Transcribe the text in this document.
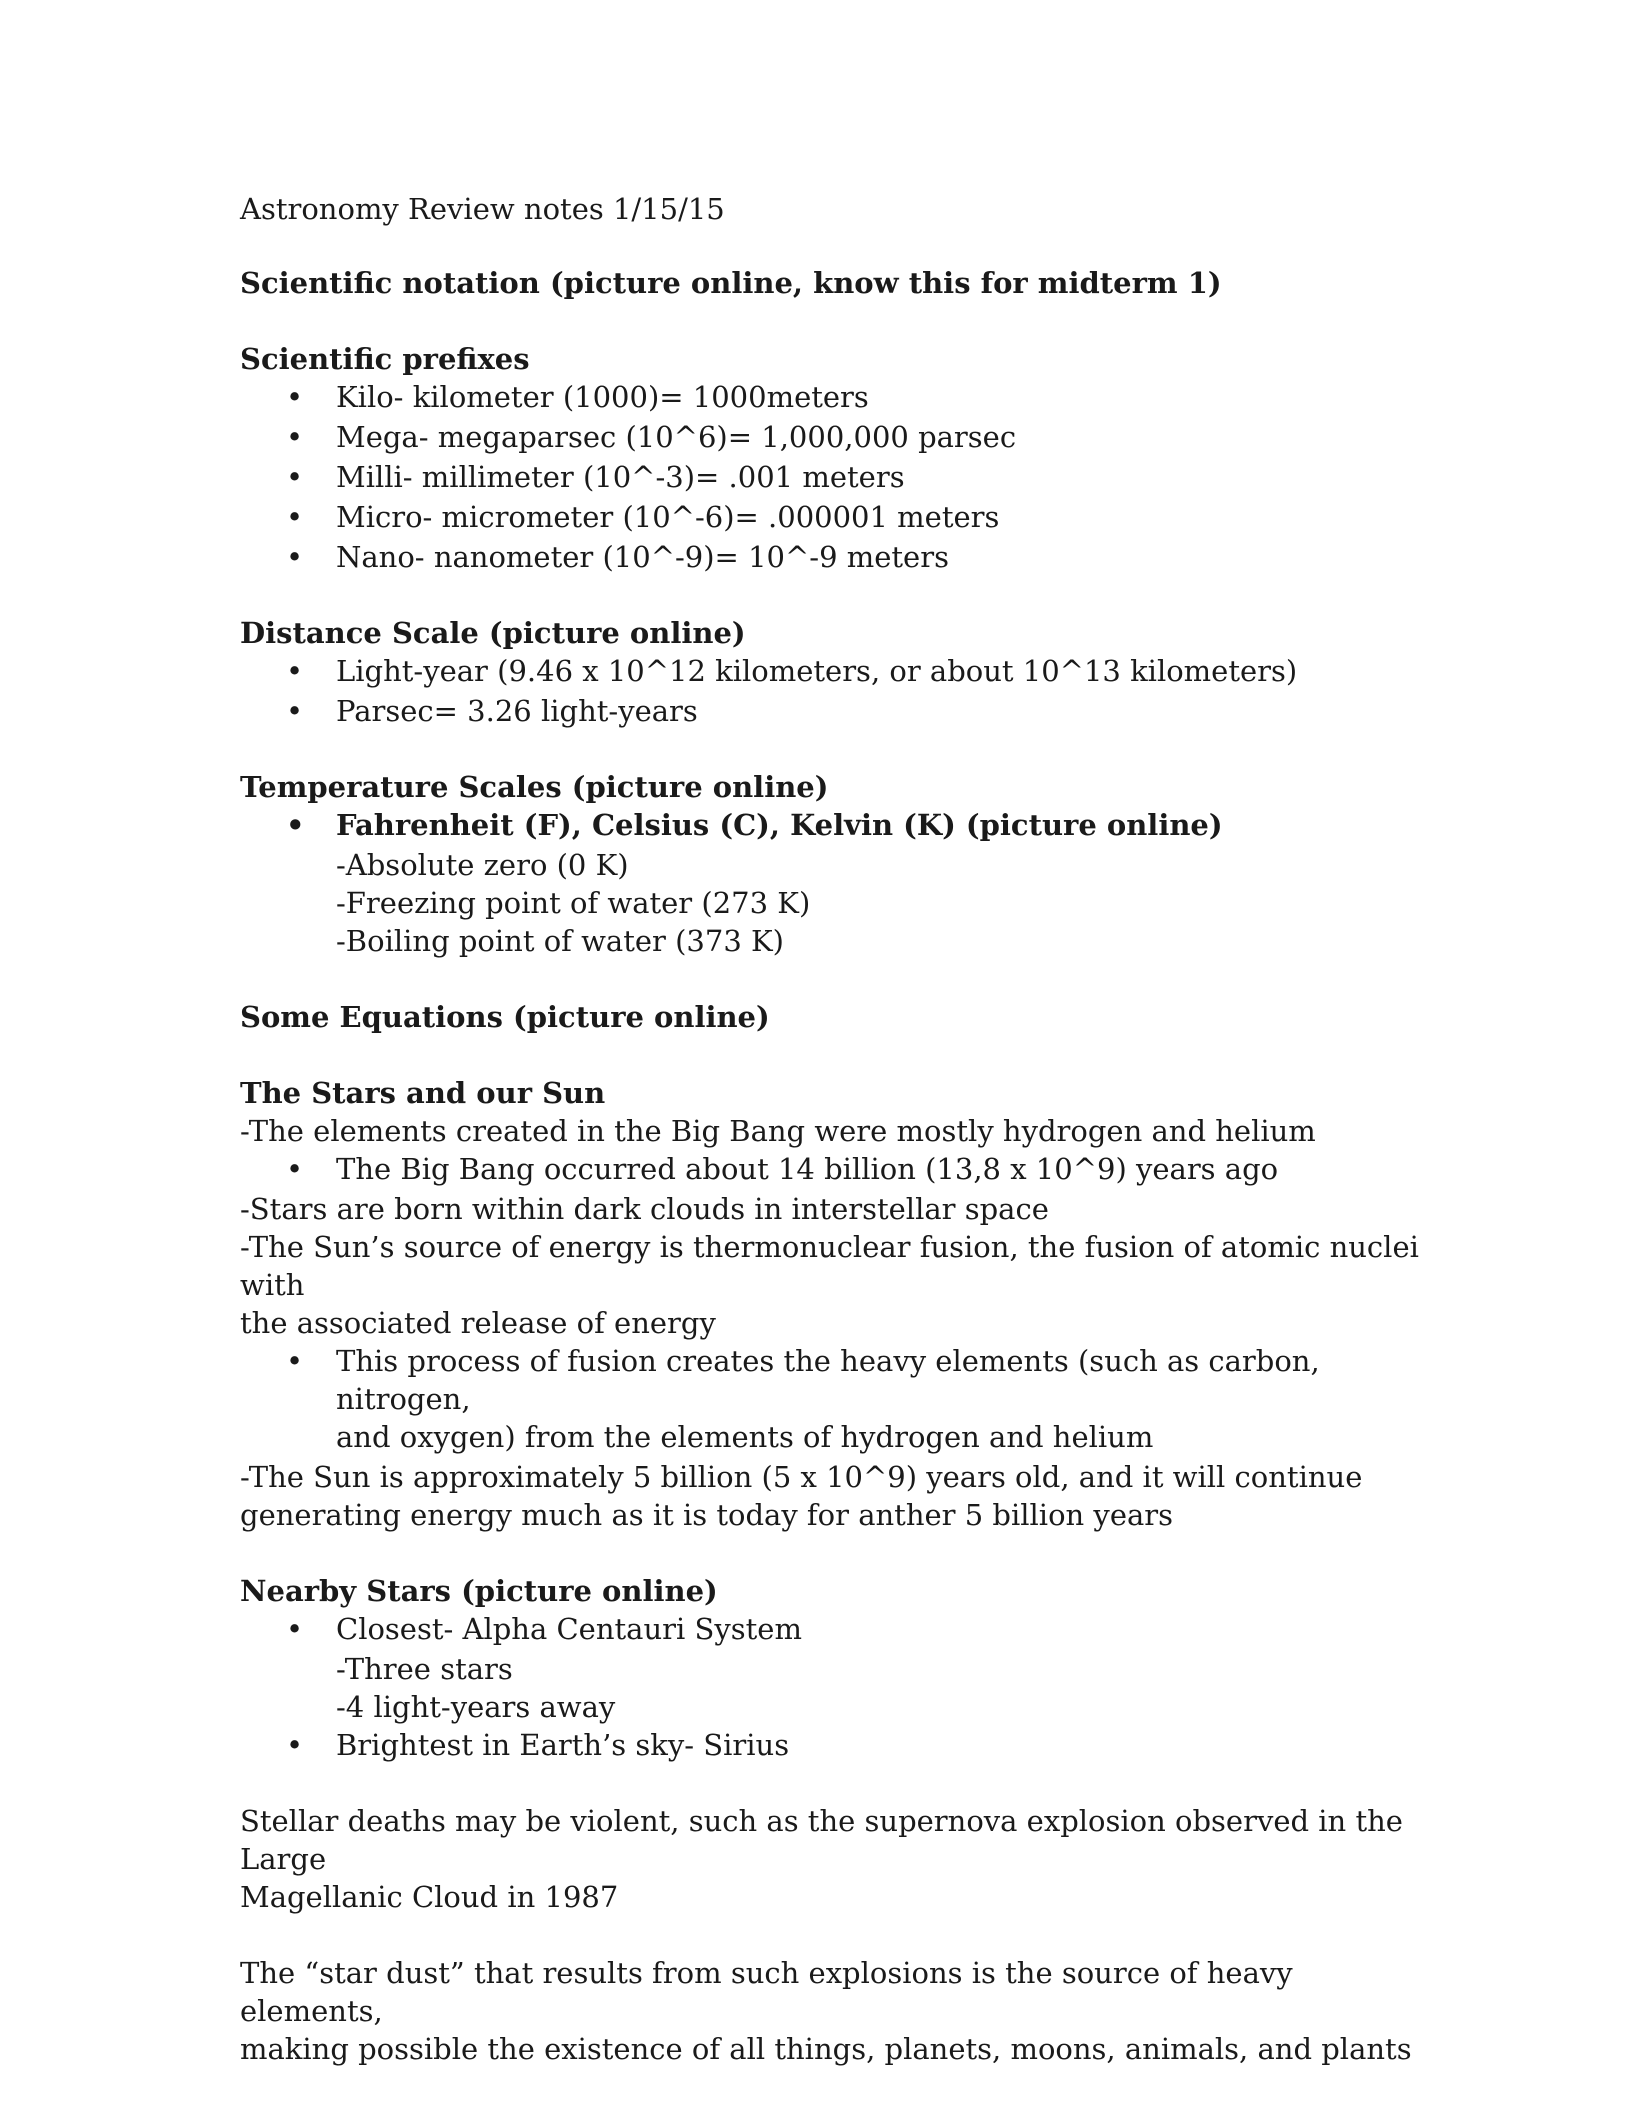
Astronomy Review notes 1/15/15

Scientific notation (picture online, know this for midterm 1)

Scientific prefixes

• Kilo- kilometer (1000)= 1000meters
• Mega- megaparsec (10^6)= 1,000,000 parsec
• Milli- millimeter (10^-3)= .001 meters
• Micro- micrometer (10^-6)= .000001 meters
• Nano- nanometer (10^-9)= 10^-9 meters

Distance Scale (picture online)

• Light-year (9.46 x 10^12 kilometers, or about 10^13 kilometers)
• Parsec= 3.26 light-years

Temperature Scales (picture online)

• Fahrenheit (F), Celsius (C), Kelvin (K) (picture online)

-Absolute zero (0 K)

-Freezing point of water (273 K)

-Boiling point of water (373 K)

Some Equations (picture online)

The Stars and our Sun

-The elements created in the Big Bang were mostly hydrogen and helium

• The Big Bang occurred about 14 billion (13,8 x 10^9) years ago

-Stars are born within dark clouds in interstellar space

-The Sun’s source of energy is thermonuclear fusion, the fusion of atomic nuclei with

the associated release of energy

• This process of fusion creates the heavy elements (such as carbon, nitrogen,
and oxygen) from the elements of hydrogen and helium

-The Sun is approximately 5 billion (5 x 10^9) years old, and it will continue

generating energy much as it is today for anther 5 billion years

Nearby Stars (picture online)

• Closest- Alpha Centauri System

-Three stars

-4 light-years away

• Brightest in Earth’s sky- Sirius

Stellar deaths may be violent, such as the supernova explosion observed in the Large

Magellanic Cloud in 1987

The “star dust” that results from such explosions is the source of heavy elements,

making possible the existence of all things, planets, moons, animals, and plants
